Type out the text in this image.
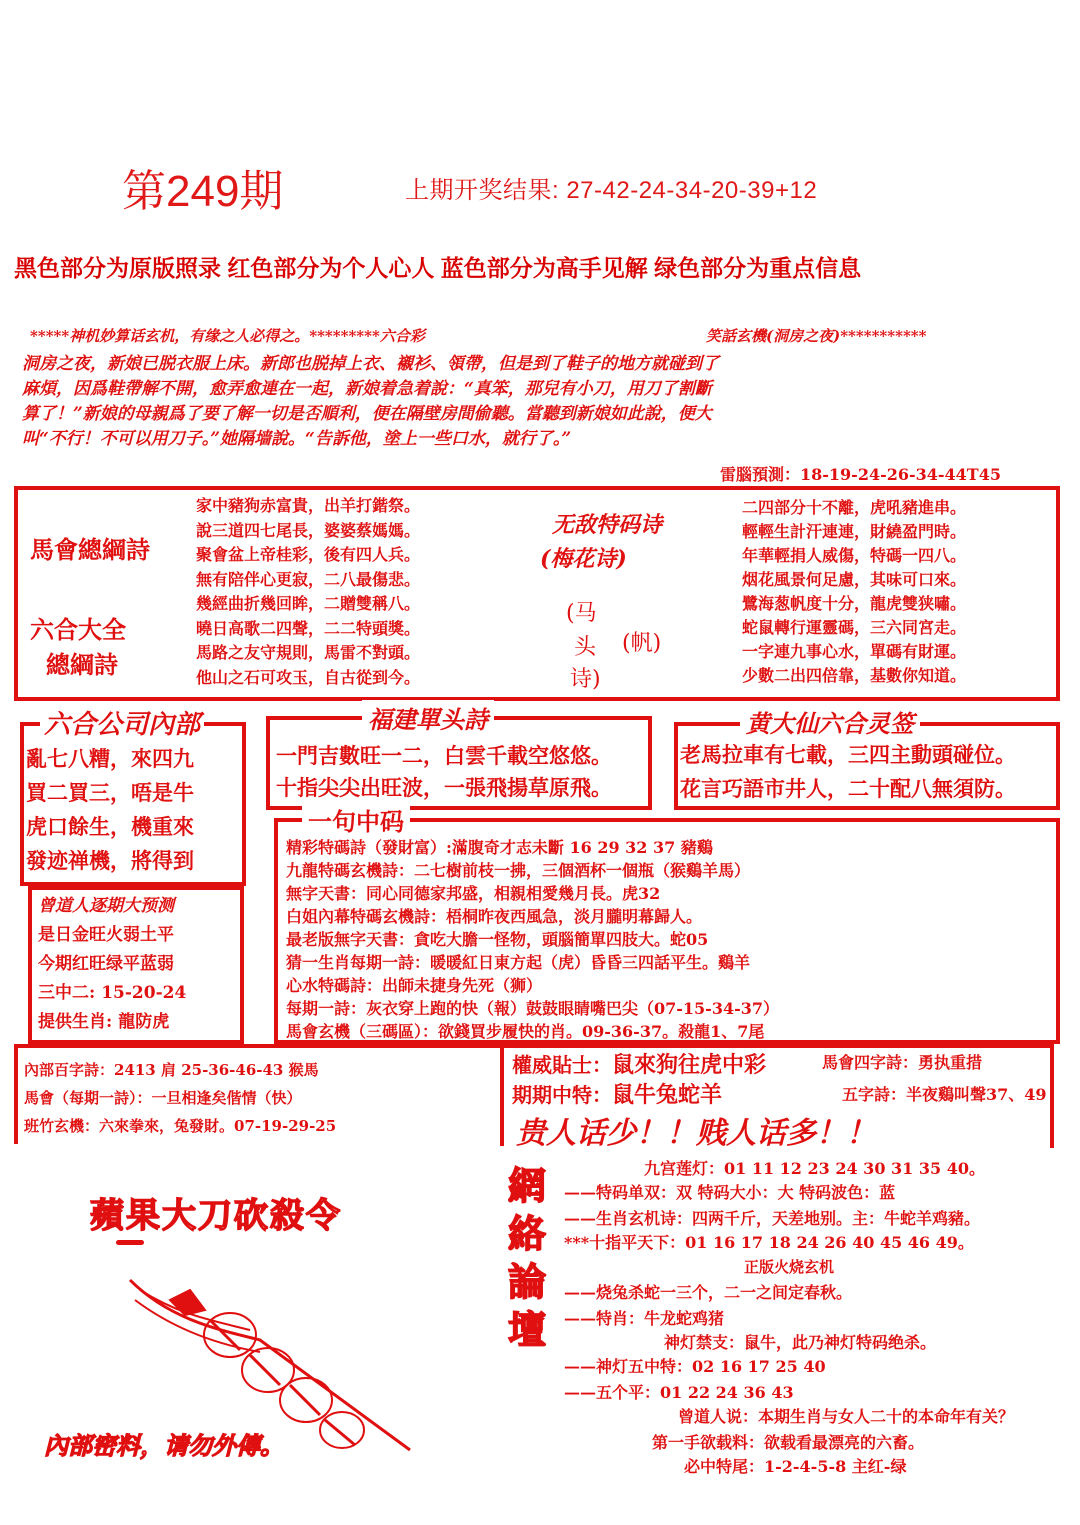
第249期	上期开奖结果: 27-42-24-34-20-39+12
黑色部分为原版照录 红色部分为个人心人 蓝色部分为高手见解 绿色部分为重点信息
*****神机妙算话玄机，有缘之人必得之。*********六合彩	笑話玄機(洞房之夜)***********
洞房之夜，新娘已脱衣服上床。新郎也脱掉上衣、襯衫、領帶，但是到了鞋子的地方就碰到了
麻煩，因爲鞋帶解不開，愈弄愈連在一起，新娘着急着說：“真笨，那兒有小刀，用刀了割斷
算了！”新娘的母親爲了要了解一切是否順利，便在隔壁房間偷聽。當聽到新娘如此說，便大
叫“不行！不可以用刀子。”她隔墙說。“告訴他，塗上一些口水，就行了。”
雷腦預測：18-19-24-26-34-44T45
馬會總綱詩
六合大全
總綱詩
家中豬狗赤富貴，出羊打鍇祭。
說三道四七尾長，婆婆蔡媽媽。
聚會盆上帝桂彩，後有四人兵。
無有陪伴心更寂，二八最傷悲。
幾經曲折幾回眸，二贈雙稱八。
曉日高歌二四聲，二二特頭獎。
馬路之友守規則，馬雷不對頭。
他山之石可攻玉，自古從到今。
无敌特码诗
(梅花诗)
(马
头 (帆)
诗)
二四部分十不離，虎吼豬進串。
輕輕生計汗連連，財繞盈門時。
年華輕捐人威傷，特碼一四八。
烟花風景何足慮，其味可口來。
鷺海葱帆度十分，龍虎雙狭嘯。
蛇鼠轉行運靈碼，三六同宮走。
一字連九事心水，單碼有財運。
少數二出四倍靠，基數你知道。
六合公司內部
亂七八糟，來四九
買二買三，唔是牛
虎口餘生，機重來
發迹禅機，將得到
福建單头詩
一門吉數旺一二，白雲千載空悠悠。
十指尖尖出旺波，一張飛揚草原飛。
黄大仙六合灵签
老馬拉車有七載，三四主動頭碰位。
花言巧語市井人，二十配八無須防。
曾道人逐期大预测
是日金旺火弱土平
今期红旺绿平蓝弱
三中二: 15-20-24
提供生肖: 龍防虎
一句中码
精彩特碼詩（發財富）:滿腹奇才志未斷 16 29 32 37 豬鷄
九龍特碼玄機詩：二七樹前枝一拂，三個酒杯一個瓶（猴鷄羊馬）
無字天書：同心同德家邦盛，相親相愛幾月長。虎32
白姐內幕特碼玄機詩：梧桐昨夜西風急，淡月朧明幕歸人。
最老版無字天書：貪吃大膽一怪物，頭腦簡單四肢大。蛇05
猜一生肖每期一詩：暖暖紅日東方起（虎）昏昏三四話平生。鷄羊
心水特碼詩：出師未捷身先死（狮）
每期一詩：灰衣穿上跑的快（報）鼓鼓眼睛嘴巴尖（07-15-34-37）
馬會玄機（三碼區）：欲錢買步履快的肖。09-36-37。殺龍1、7尾
內部百字詩：2413 肩 25-36-46-43 猴馬
馬會（每期一詩）：一旦相逢矣偕情（快）
班竹玄機：六來拳來，兔發財。07-19-29-25
權威貼士：鼠來狗往虎中彩	馬會四字詩：勇执重措
期期中特：鼠牛兔蛇羊	五字詩：半夜鷄叫聲37、49
贵人话少！！贱人话多！！
蘋果大刀砍殺令
內部密料，请勿外傳。
網
絡
論
壇
九宫莲灯：01 11 12 23 24 30 31 35 40。
——特码单双：双 特码大小：大 特码波色：蓝
——生肖玄机诗：四两千斤，天差地别。主：牛蛇羊鸡豬。
***十指平天下：01 16 17 18 24 26 40 45 46 49。
正版火烧玄机
——烧兔杀蛇一三个，二一之间定春秋。
——特肖：牛龙蛇鸡猪
神灯禁支：鼠牛，此乃神灯特码绝杀。
——神灯五中特：02 16 17 25 40
——五个平：01 22 24 36 43
曾道人说：本期生肖与女人二十的本命年有关？
第一手欲载料：欲载看最漂亮的六畜。
必中特尾：1-2-4-5-8 主红-绿
